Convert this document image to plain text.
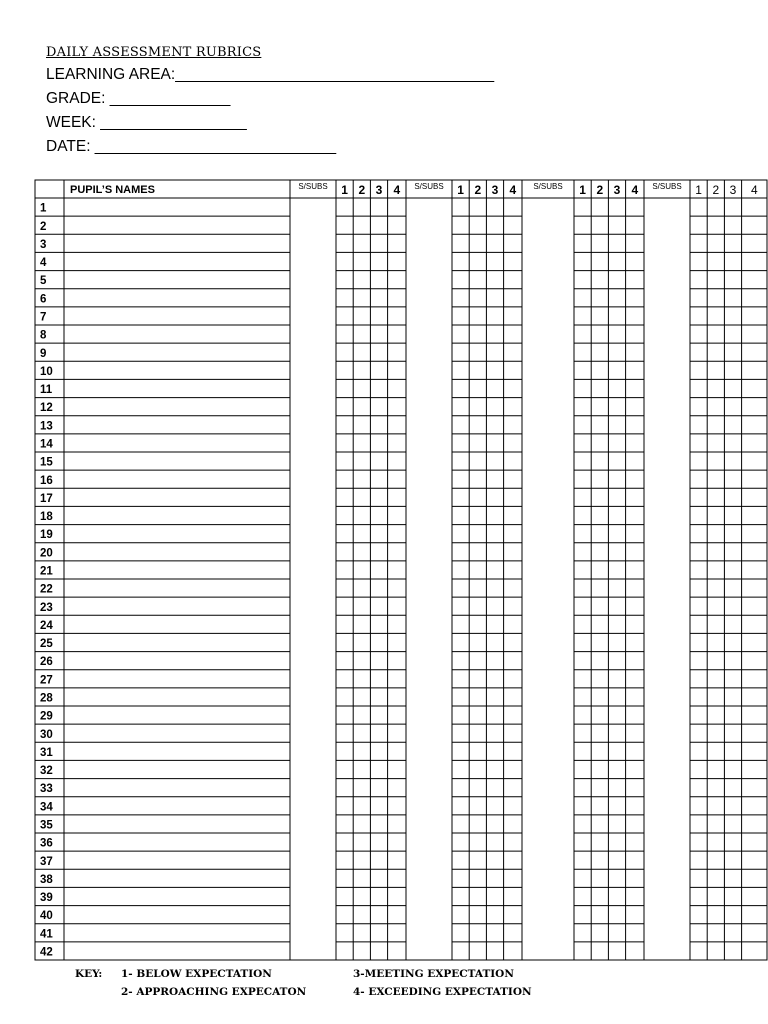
DAILY ASSESSMENT RUBRICS
LEARNING AREA:_____________________________________
GRADE: ______________
WEEK: _________________
DATE: ____________________________
PUPIL’S NAMES	S/SUBS 1 2 3 4 S/SUBS 1 2 3 4 S/SUBS 1 2 3 4 S/SUBS 1 2 3 4
1
2
3
4
5
6
7
8
9
10
11
12
13
14
15
16
17
18
19
20
21
22
23
24
25
26
27
28
29
30
31
32
33
34
35
36
37
38
39
40
41
42
KEY: 1- BELOW EXPECTATION
2- APPROACHING EXPECATON
3-MEETING EXPECTATION
4- EXCEEDING EXPECTATION
